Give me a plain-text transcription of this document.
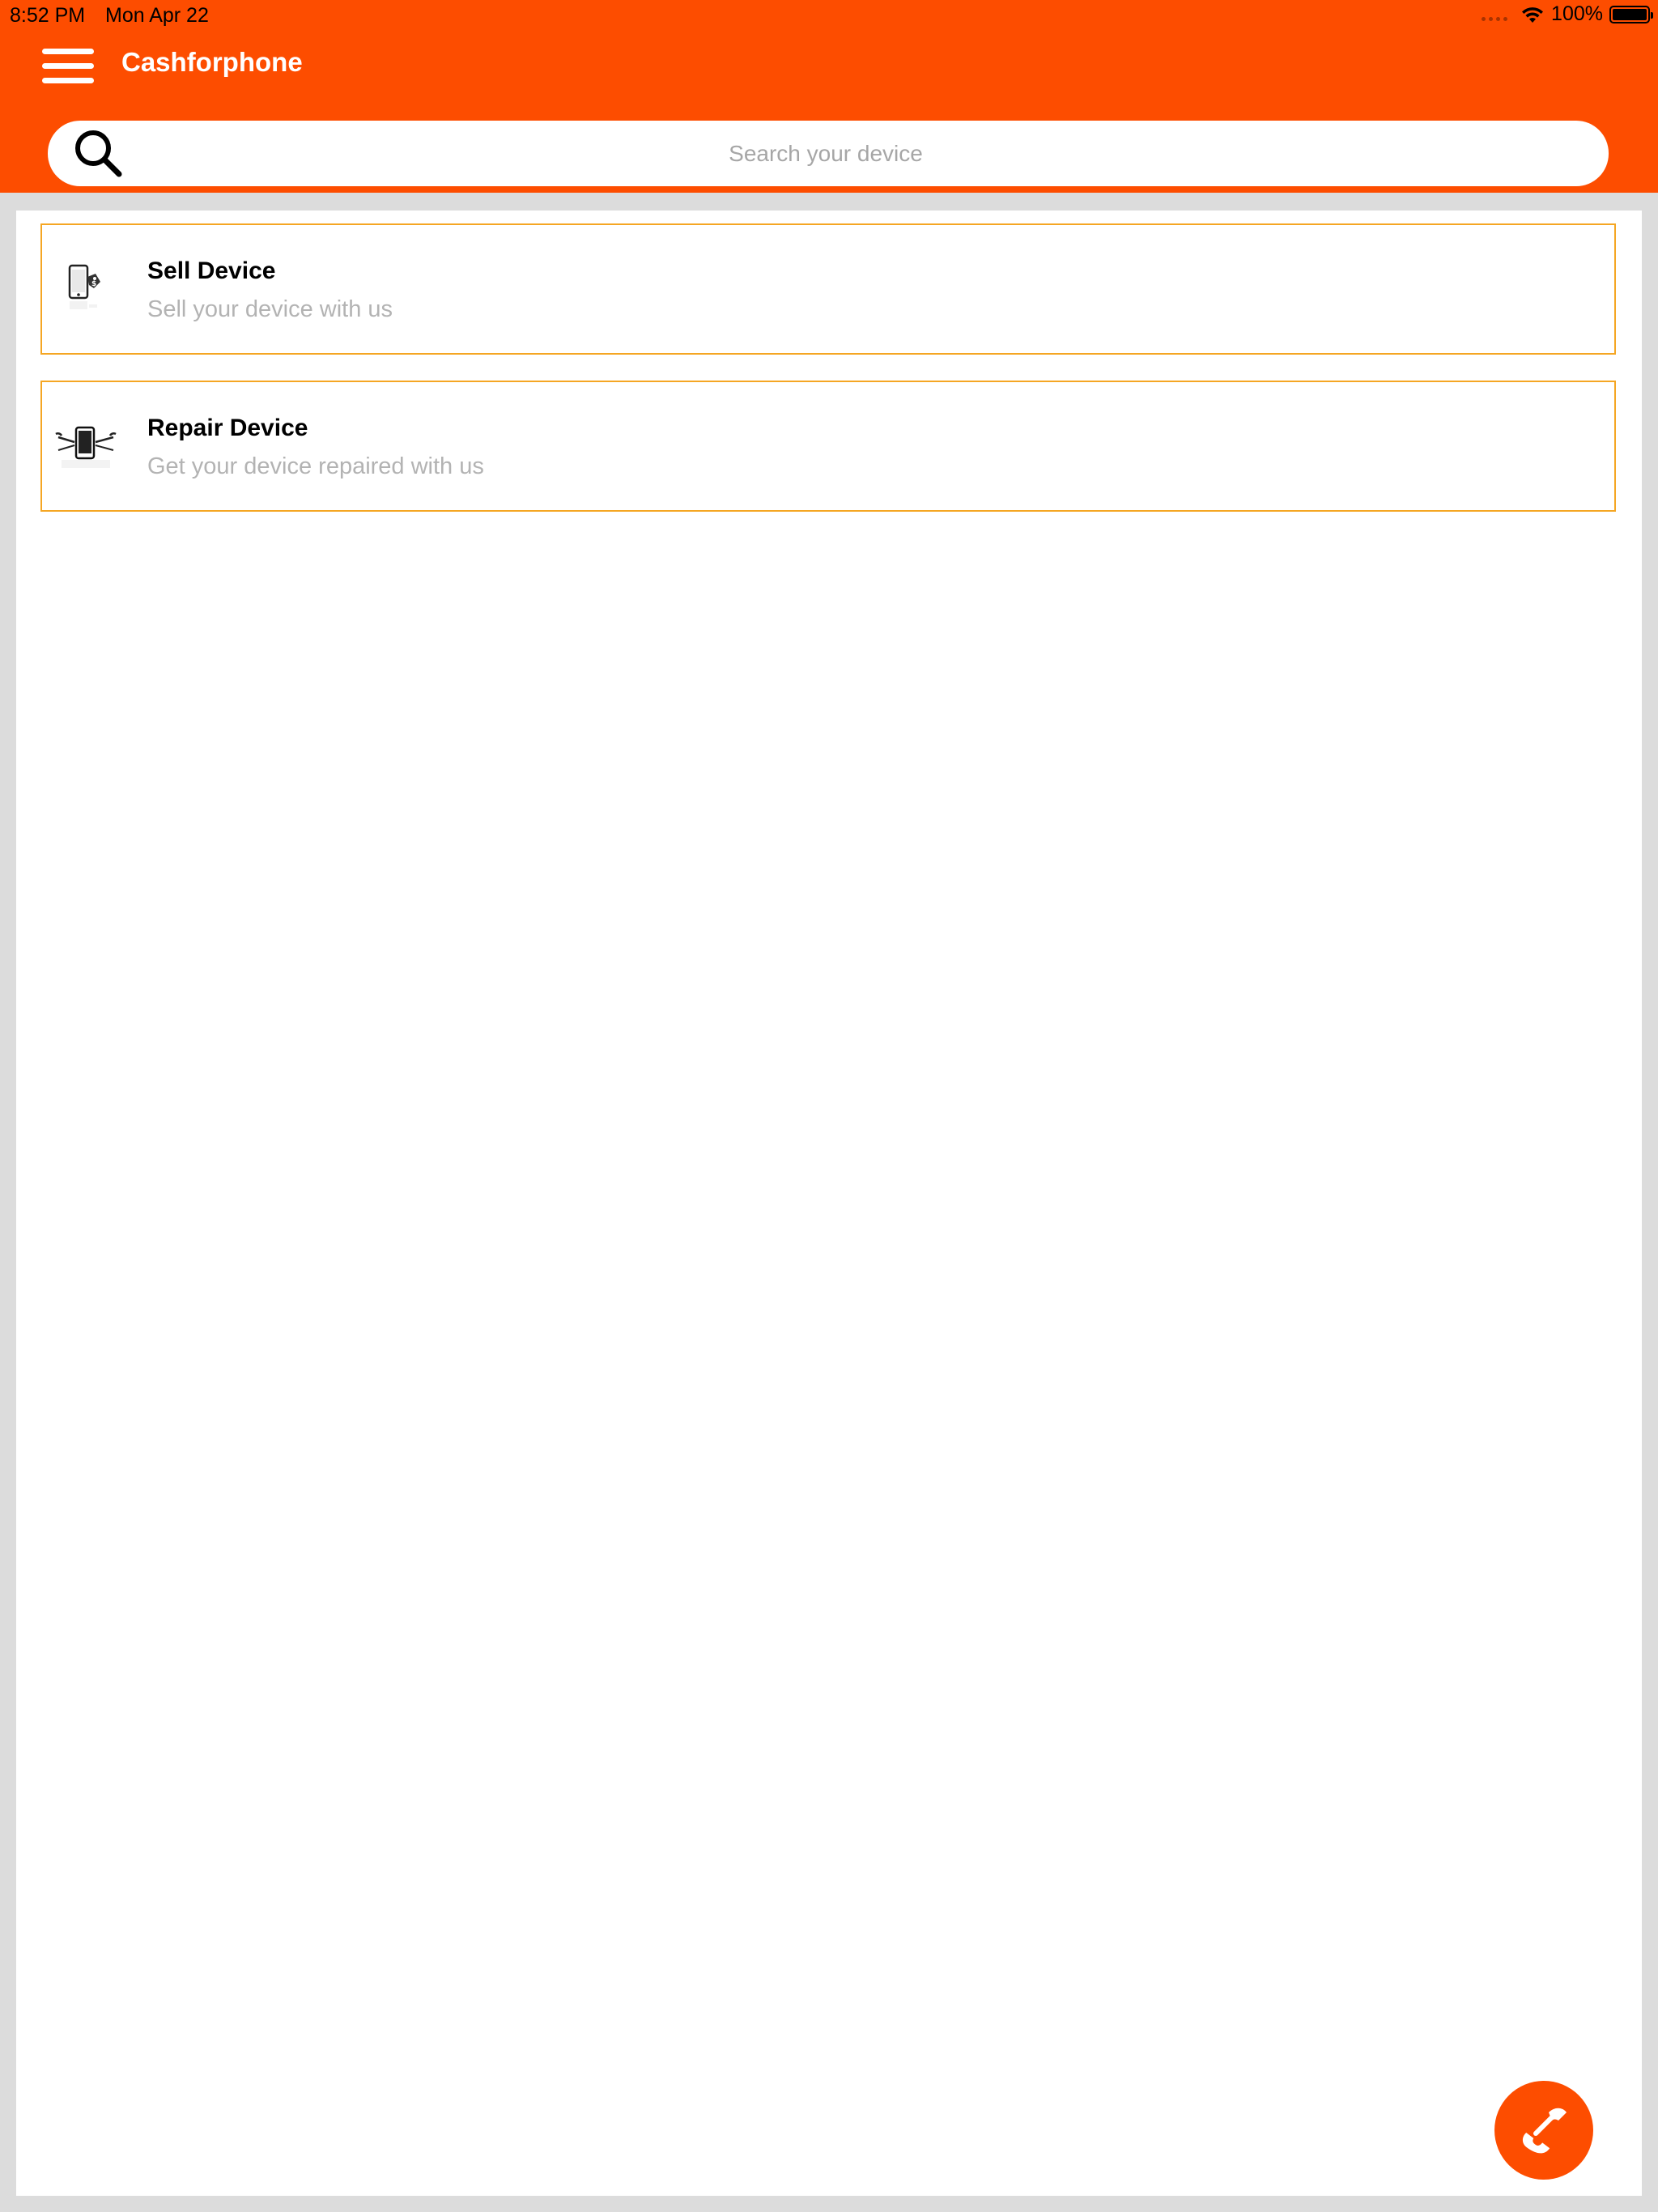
8:52 PM Mon Apr 22	100%
Cashforphone
Search your device
$ Sell Device
Sell your device with us
Repair Device
Get your device repaired with us
